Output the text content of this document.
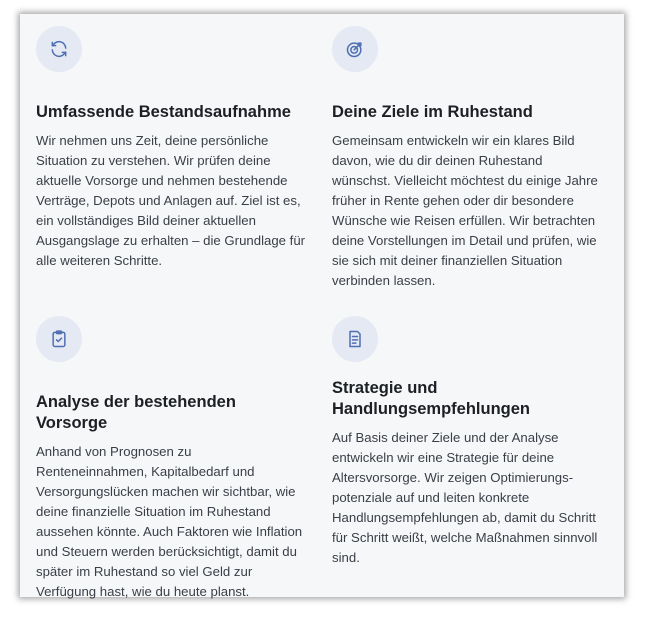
Umfassende Bestandsaufnahme

Wir nehmen uns Zeit, deine persönliche Situation zu verstehen. Wir prüfen deine aktuelle Vorsorge und nehmen bestehende Verträge, Depots und Anlagen auf. Ziel ist es, ein vollständiges Bild deiner aktuellen Ausgangslage zu erhalten – die Grundlage für alle weiteren Schritte.

Deine Ziele im Ruhestand

Gemeinsam entwickeln wir ein klares Bild davon, wie du dir deinen Ruhestand wünschst. Vielleicht möchtest du einige Jahre früher in Rente gehen oder dir besondere Wünsche wie Reisen erfüllen. Wir betrachten deine Vorstellungen im Detail und prüfen, wie sie sich mit deiner finanziellen Situation verbinden lassen.

Analyse der bestehenden Vorsorge

Anhand von Prognosen zu Renteneinnahmen, Kapitalbedarf und Versorgungslücken machen wir sichtbar, wie deine finanzielle Situation im Ruhestand aussehen könnte. Auch Faktoren wie Inflation und Steuern werden berücksichtigt, damit du später im Ruhestand so viel Geld zur Verfügung hast, wie du heute planst.

Strategie und Handlungsempfehlungen

Auf Basis deiner Ziele und der Analyse entwickeln wir eine Strategie für deine Altersvorsorge. Wir zeigen Optimierungs-potenziale auf und leiten konkrete Handlungsempfehlungen ab, damit du Schritt für Schritt weißt, welche Maßnahmen sinnvoll sind.
